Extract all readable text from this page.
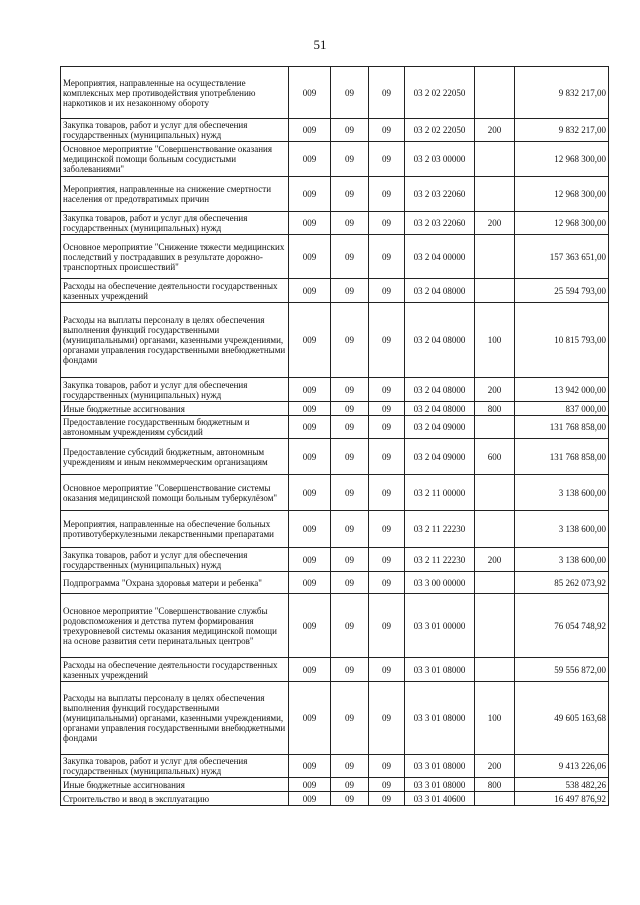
51
Мероприятия, направленные на осуществление комплексных мер противодействия употреблению наркотиков и их незаконному обороту	009	09	09	03 2 02 22050		9 832 217,00
Закупка товаров, работ и услуг для обеспечения государственных (муниципальных) нужд	009	09	09	03 2 02 22050	200	9 832 217,00
Основное мероприятие "Совершенствование оказания медицинской помощи больным сосудистыми заболеваниями"	009	09	09	03 2 03 00000		12 968 300,00
Мероприятия, направленные на снижение смертности населения от предотвратимых причин	009	09	09	03 2 03 22060		12 968 300,00
Закупка товаров, работ и услуг для обеспечения государственных (муниципальных) нужд	009	09	09	03 2 03 22060	200	12 968 300,00
Основное мероприятие "Снижение тяжести медицинских последствий у пострадавших в результате дорожно-транспортных происшествий"	009	09	09	03 2 04 00000		157 363 651,00
Расходы на обеспечение деятельности государственных казенных учреждений	009	09	09	03 2 04 08000		25 594 793,00
Расходы на выплаты персоналу в целях обеспечения выполнения функций государственными (муниципальными) органами, казенными учреждениями, органами управления государственными внебюджетными фондами	009	09	09	03 2 04 08000	100	10 815 793,00
Закупка товаров, работ и услуг для обеспечения государственных (муниципальных) нужд	009	09	09	03 2 04 08000	200	13 942 000,00
Иные бюджетные ассигнования	009	09	09	03 2 04 08000	800	837 000,00
Предоставление государственным бюджетным и автономным учреждениям субсидий	009	09	09	03 2 04 09000		131 768 858,00
Предоставление субсидий бюджетным, автономным учреждениям и иным некоммерческим организациям	009	09	09	03 2 04 09000	600	131 768 858,00
Основное мероприятие "Совершенствование системы оказания медицинской помощи больным туберкулёзом"	009	09	09	03 2 11 00000		3 138 600,00
Мероприятия, направленные на обеспечение больных противотуберкулезными лекарственными препаратами	009	09	09	03 2 11 22230		3 138 600,00
Закупка товаров, работ и услуг для обеспечения государственных (муниципальных) нужд	009	09	09	03 2 11 22230	200	3 138 600,00
Подпрограмма "Охрана здоровья матери и ребенка"	009	09	09	03 3 00 00000		85 262 073,92
Основное мероприятие "Совершенствование службы родовспоможения и детства путем формирования трехуровневой системы оказания медицинской помощи на основе развития сети перинатальных центров"	009	09	09	03 3 01 00000		76 054 748,92
Расходы на обеспечение деятельности государственных казенных учреждений	009	09	09	03 3 01 08000		59 556 872,00
Расходы на выплаты персоналу в целях обеспечения выполнения функций государственными (муниципальными) органами, казенными учреждениями, органами управления государственными внебюджетными фондами	009	09	09	03 3 01 08000	100	49 605 163,68
Закупка товаров, работ и услуг для обеспечения государственных (муниципальных) нужд	009	09	09	03 3 01 08000	200	9 413 226,06
Иные бюджетные ассигнования	009	09	09	03 3 01 08000	800	538 482,26
Строительство и ввод в эксплуатацию	009	09	09	03 3 01 40600		16 497 876,92
